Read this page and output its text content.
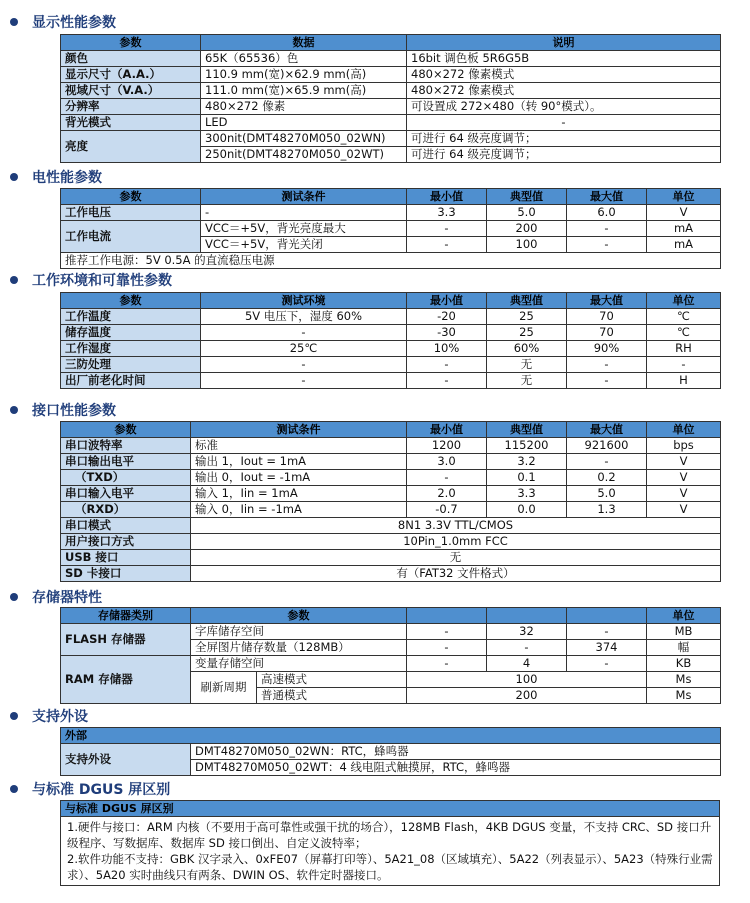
显示性能参数
参数	数据	说明
颜色	65K（65536）色	16bit 调色板 5R6G5B
显示尺寸（A.A.）	110.9 mm(宽)×62.9 mm(高)	480×272 像素模式
视域尺寸（V.A.）	111.0 mm(宽)×65.9 mm(高)	480×272 像素模式
分辨率	480×272 像素	可设置成 272×480（转 90°模式）。
背光模式	LED	-
亮度	300nit(DMT48270M050_02WN)	可进行 64 级亮度调节；
	250nit(DMT48270M050_02WT)	可进行 64 级亮度调节；
电性能参数
参数	测试条件	最小值	典型值	最大值	单位
工作电压	-	3.3	5.0	6.0	V
工作电流	VCC＝+5V，背光亮度最大	-	200	-	mA
	VCC＝+5V，背光关闭	-	100	-	mA
推荐工作电源：5V 0.5A 的直流稳压电源					
工作环境和可靠性参数
参数	测试环境	最小值	典型值	最大值	单位
工作温度	5V 电压下，湿度 60%	-20	25	70	℃
储存温度	-	-30	25	70	℃
工作湿度	25℃	10%	60%	90%	RH
三防处理	-	-	无	-	-
出厂前老化时间	-	-	无	-	H
接口性能参数
参数	测试条件	最小值	典型值	最大值	单位
串口波特率	标准	1200	115200	921600	bps
串口输出电平	输出 1，Iout = 1mA	3.0	3.2	-	V
（TXD）	输出 0，Iout = -1mA	-	0.1	0.2	V
串口输入电平	输入 1，Iin = 1mA	2.0	3.3	5.0	V
（RXD）	输入 0，Iin = -1mA	-0.7	0.0	1.3	V
串口模式	8N1 3.3V TTL/CMOS				
用户接口方式	10Pin_1.0mm FCC				
USB 接口	无				
SD 卡接口	有（FAT32 文件格式）				
存储器特性
存储器类别	参数					单位
FLASH 存储器	字库储存空间		-	32	-	MB
	全屏图片储存数量（128MB）		-	-	374	幅
RAM 存储器	变量存储空间		-	4	-	KB
	刷新周期	高速模式	100			Ms
		普通模式	200			Ms
支持外设
外部
支持外设	DMT48270M050_02WN：RTC，蜂鸣器
DMT48270M050_02WT：4 线电阻式触摸屏，RTC，蜂鸣器
与标准 DGUS 屏区别
与标准 DGUS 屏区别

1.硬件与接口：ARM 内核（不要用于高可靠性或强干扰的场合），128MB Flash，4KB DGUS 变量，不支持 CRC、SD 接口升级程序、写数据库、数据库 SD 接口倒出、自定义波特率；
2.软件功能不支持：GBK 汉字录入、0xFE07（屏幕打印等）、5A21_08（区域填充）、5A22（列表显示）、5A23（特殊行业需求）、5A20 实时曲线只有两条、DWIN OS、软件定时器接口。
